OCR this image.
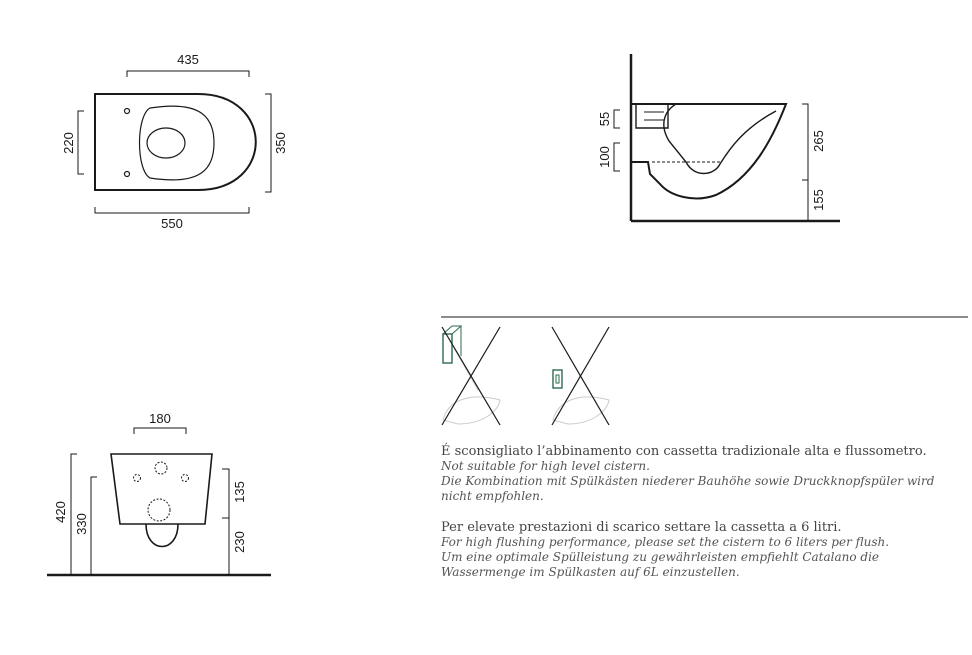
435
550
350
220
55
100
265
155
180
420
330
135
230
É sconsigliato l’abbinamento con cassetta tradizionale alta e flussometro.
Not suitable for high level cistern.
Die Kombination mit Spülkästen niederer Bauhöhe sowie Druckknopfspüler wird nicht empfohlen.
Per elevate prestazioni di scarico settare la cassetta a 6 litri.
For high flushing performance, please set the cistern to 6 liters per flush.
Um eine optimale Spülleistung zu gewährleisten empfiehlt Catalano die Wassermenge im Spülkasten auf 6L einzustellen.
